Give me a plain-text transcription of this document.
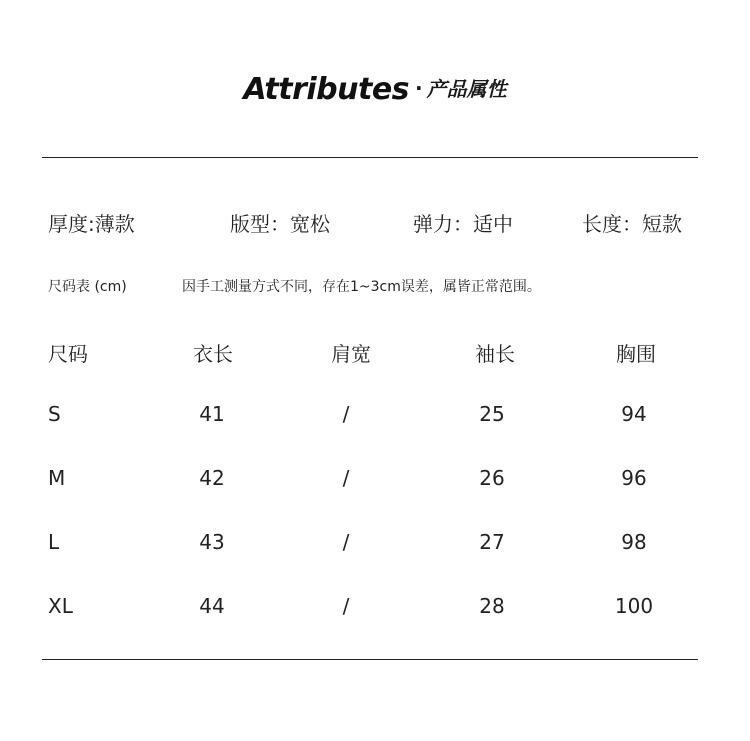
Attributes · 产品属性
厚度:薄款	版型：宽松	弹力：适中	长度：短款
尺码表 (cm)	因手工测量方式不同，存在1~3cm误差，属皆正常范围。
尺码	衣长	肩宽	袖长	胸围
S	41	/	25	94
M	42	/	26	96
L	43	/	27	98
XL	44	/	28	100
